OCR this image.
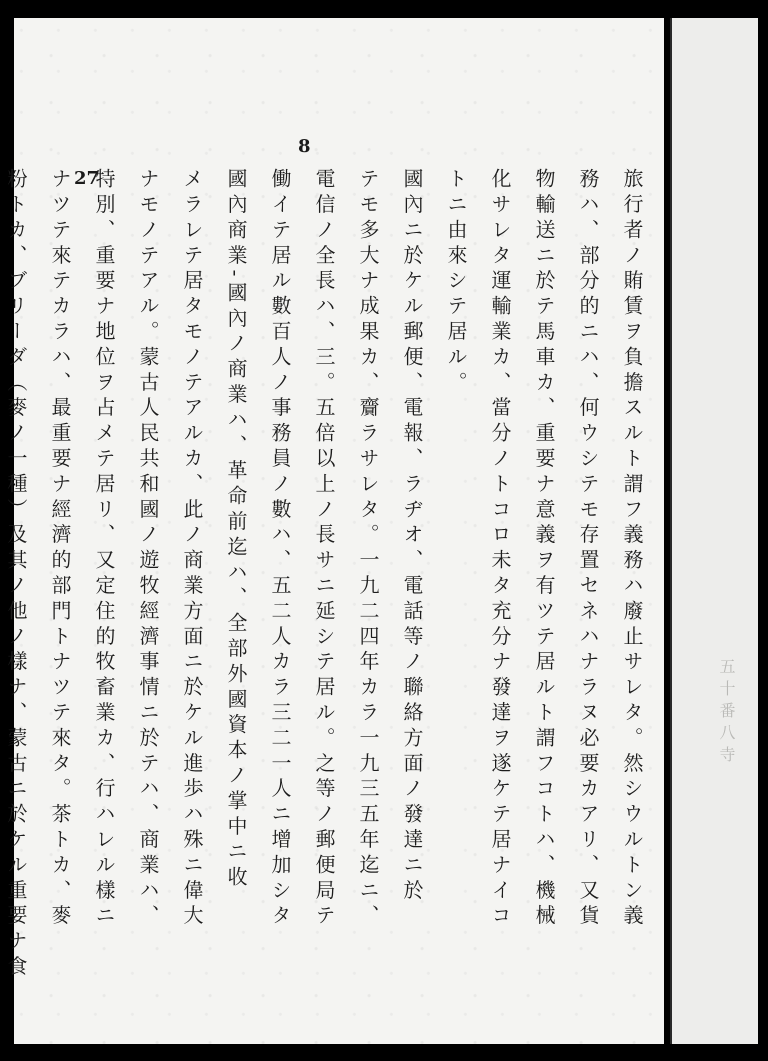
8
27	旅行者ノ賄賃ヲ負擔スルト謂フ義務ハ廢止サレタ。然シウルトン義
務ハ、部分的ニハ、何ウシテモ存置セネハナラヌ必要カアリ、又貨
物輸送ニ於テ馬車カ、重要ナ意義ヲ有ツテ居ルト謂フコトハ、機械
化サレタ運輸業カ、當分ノトコロ未タ充分ナ發達ヲ遂ケテ居ナイコ
トニ由來シテ居ル。
國內ニ於ケル郵便、電報、ラヂオ、電話等ノ聯絡方面ノ發達ニ於
テモ多大ナ成果カ、齎ラサレタ。一九二四年カラ一九三五年迄ニ、
電信ノ全長ハ、三。五倍以上ノ長サニ延シテ居ル。之等ノ郵便局テ
働イテ居ル數百人ノ事務員ノ數ハ、五二人カラ三二一人ニ增加シタ
國內商業‐國內ノ商業ハ、革命前迄ハ、全部外國資本ノ掌中ニ收
メラレテ居タモノテアルカ、此ノ商業方面ニ於ケル進歩ハ殊ニ偉大
ナモノテアル。蒙古人民共和國ノ遊牧經濟事情ニ於テハ、商業ハ、
特別、重要ナ地位ヲ占メテ居リ、又定住的牧畜業カ、行ハレル樣ニ
ナツテ來テカラハ、最重要ナ經濟的部門トナツテ來タ。茶トカ、麥
粉トカ、ブリーダ（麥ノ一種）及其ノ他ノ樣ナ、蒙古ニ於ケル重要ナ食	五十番八寺
